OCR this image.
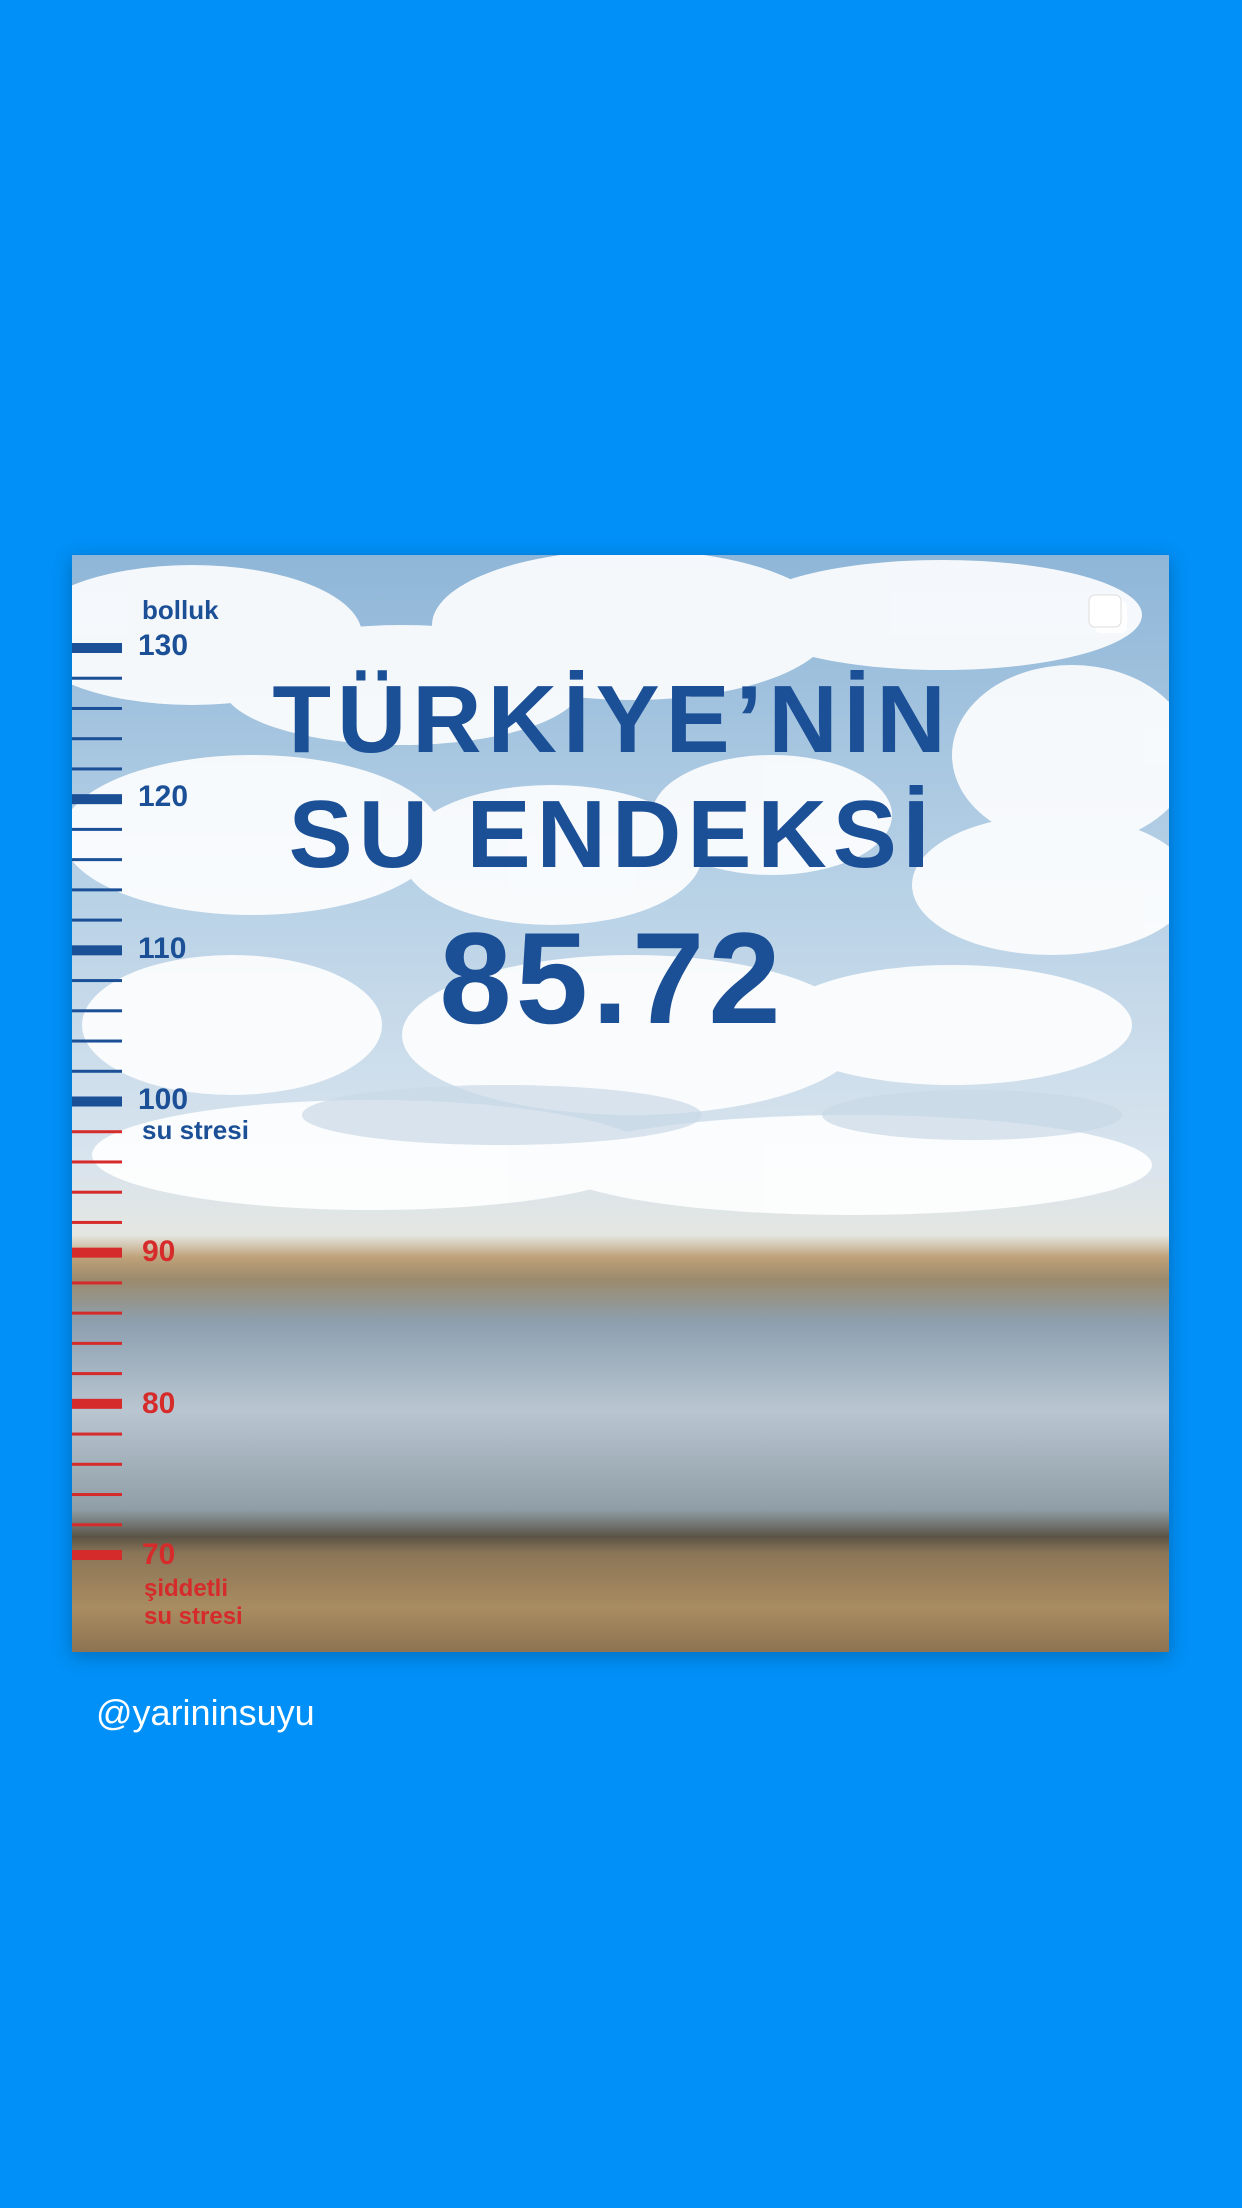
TÜRKİYE’NİN
SU ENDEKSİ
85.72
bolluk
130
120
110
100
su stresi
90
80
70
şiddetli
su stresi
@yarininsuyu
